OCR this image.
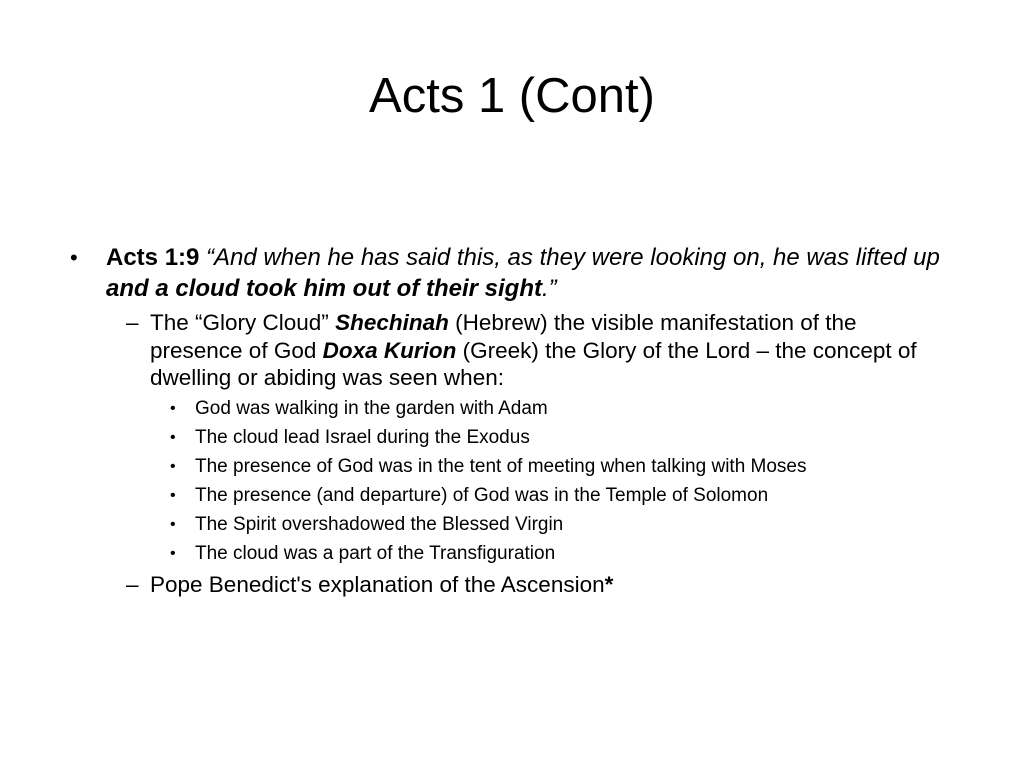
Acts 1 (Cont)
• Acts 1:9 “And when he has said this, as they were looking on, he was lifted up and a cloud took him out of their sight.”
– The “Glory Cloud” Shechinah (Hebrew) the visible manifestation of the presence of God Doxa Kurion (Greek) the Glory of the Lord – the concept of dwelling or abiding was seen when:
• God was walking in the garden with Adam
• The cloud lead Israel during the Exodus
• The presence of God was in the tent of meeting when talking with Moses
• The presence (and departure) of God was in the Temple of Solomon
• The Spirit overshadowed the Blessed Virgin
• The cloud was a part of the Transfiguration
– Pope Benedict's explanation of the Ascension*
